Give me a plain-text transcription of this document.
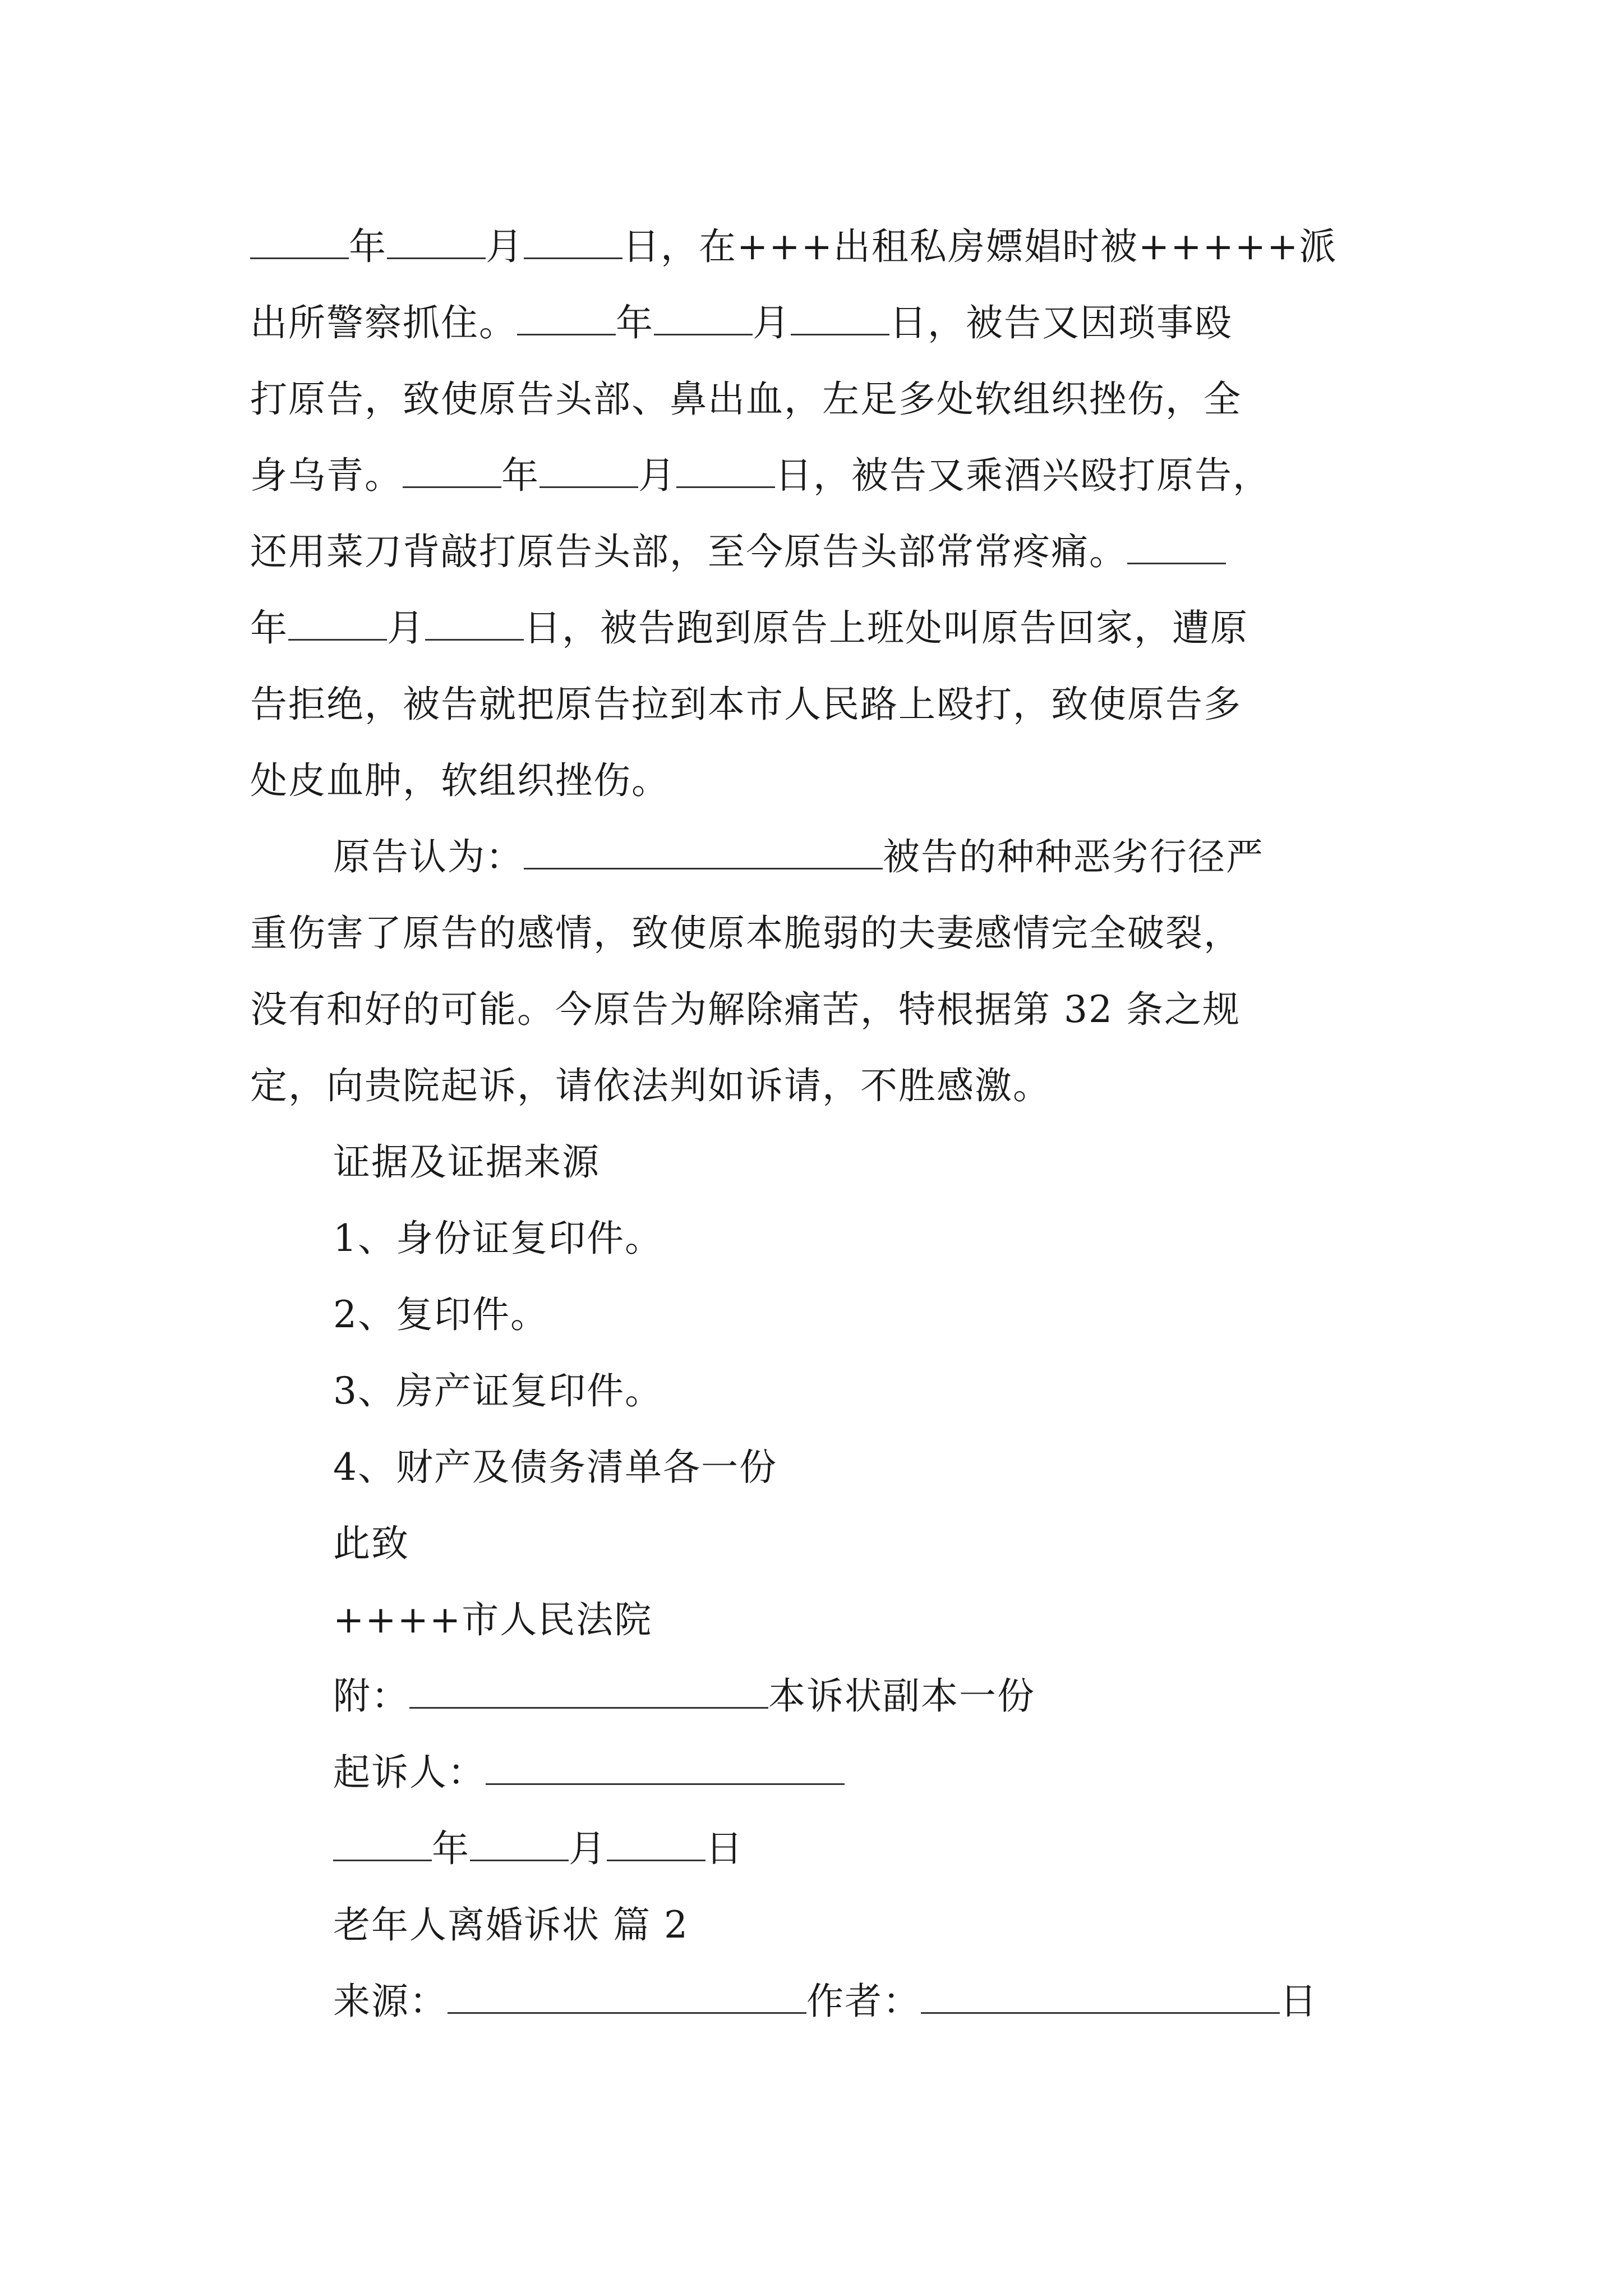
年	月	日，在+++出租私房嫖娼时被+++++派
出所警察抓住。	年	月	日，被告又因琐事殴
打原告，致使原告头部、鼻出血，左足多处软组织挫伤，全
身乌青。	年	月	日，被告又乘酒兴殴打原告，
还用菜刀背敲打原告头部，至今原告头部常常疼痛。
年	月	日，被告跑到原告上班处叫原告回家，遭原
告拒绝，被告就把原告拉到本市人民路上殴打，致使原告多
处皮血肿，软组织挫伤。
原告认为：	被告的种种恶劣行径严
重伤害了原告的感情，致使原本脆弱的夫妻感情完全破裂，
没有和好的可能。今原告为解除痛苦，特根据第 32 条之规
定，向贵院起诉，请依法判如诉请，不胜感激。
证据及证据来源
1、身份证复印件。
2、复印件。
3、房产证复印件。
4、财产及债务清单各一份
此致
++++市人民法院
附：	本诉状副本一份
起诉人：
年	月	日
老年人离婚诉状 篇 2
来源：	作者：	日
